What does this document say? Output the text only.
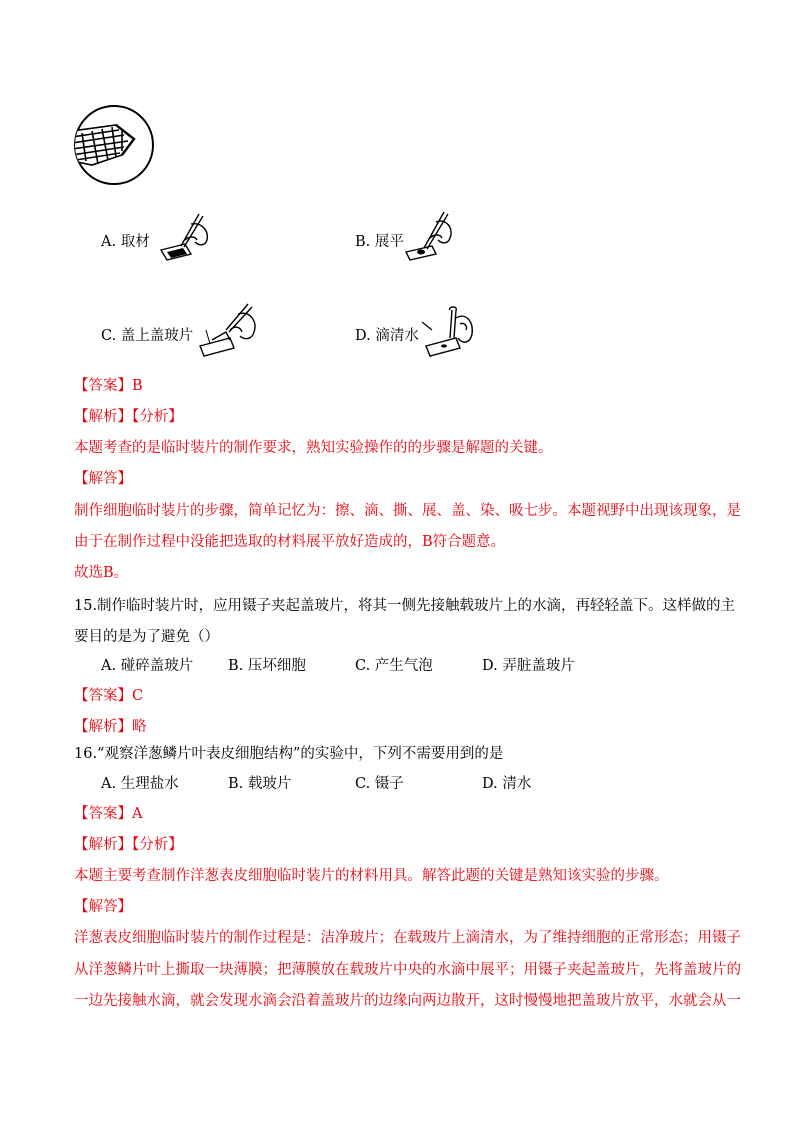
A. 取材	B. 展平
C. 盖上盖玻片	D. 滴清水
【答案】B
【解析】【分析】
本题考查的是临时装片的制作要求，熟知实验操作的的步骤是解题的关键。
【解答】
制作细胞临时装片的步骤，简单记忆为：擦、滴、撕、展、盖、染、吸七步。本题视野中出现该现象，是
由于在制作过程中没能把选取的材料展平放好造成的，B符合题意。
故选B。
15.制作临时装片时，应用镊子夹起盖玻片，将其一侧先接触载玻片上的水滴，再轻轻盖下。这样做的主
要目的是为了避免（）
A. 碰碎盖玻片 B. 压坏细胞	C. 产生气泡	D. 弄脏盖玻片
【答案】C
【解析】略
16.“观察洋葱鳞片叶表皮细胞结构”的实验中，下列不需要用到的是
A. 生理盐水	B. 载玻片	C. 镊子	D. 清水
【答案】A
【解析】【分析】
本题主要考查制作洋葱表皮细胞临时装片的材料用具。解答此题的关键是熟知该实验的步骤。
【解答】
洋葱表皮细胞临时装片的制作过程是：洁净玻片；在载玻片上滴清水，为了维持细胞的正常形态；用镊子
从洋葱鳞片叶上撕取一块薄膜；把薄膜放在载玻片中央的水滴中展平；用镊子夹起盖玻片，先将盖玻片的
一边先接触水滴，就会发现水滴会沿着盖玻片的边缘向两边散开，这时慢慢地把盖玻片放平，水就会从一
